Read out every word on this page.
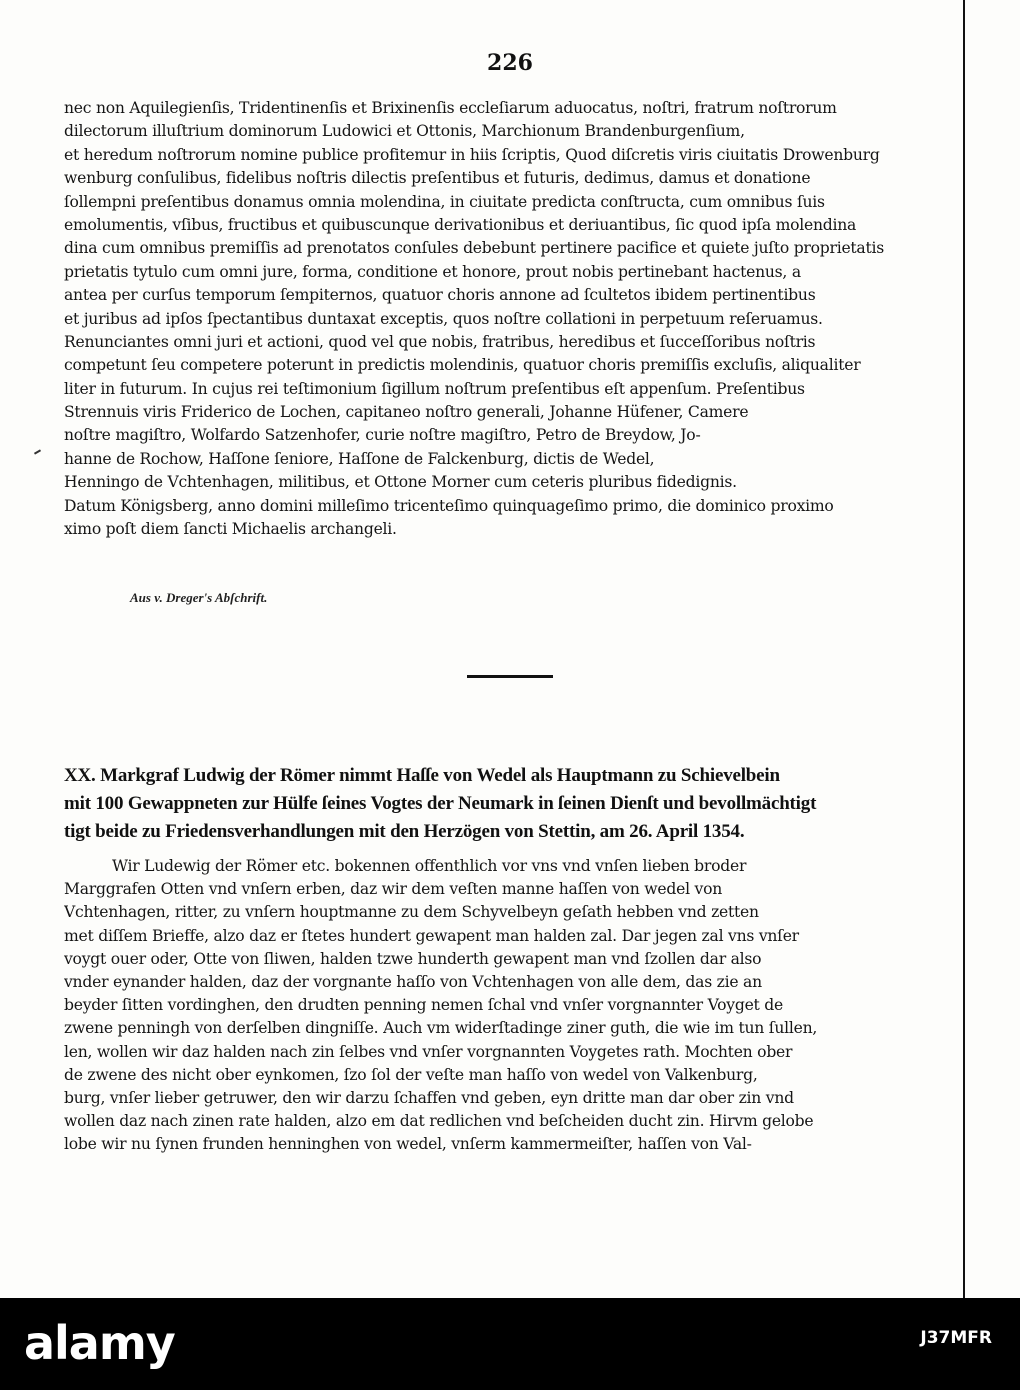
226
nec non Aquilegienſis, Tridentinenſis et Brixinenſis eccleſiarum aduocatus, noſtri, fratrum noſtrorum
dilectorum illuſtrium dominorum Ludowici et Ottonis, Marchionum Brandenburgenſium,
et heredum noſtrorum nomine publice profitemur in hiis ſcriptis, Quod diſcretis viris ciuitatis Drowenburg
wenburg conſulibus, fidelibus noſtris dilectis preſentibus et futuris, dedimus, damus et donatione
ſollempni preſentibus donamus omnia molendina, in ciuitate predicta conſtructa, cum omnibus ſuis
emolumentis, vſibus, fructibus et quibuscunque derivationibus et deriuantibus, ſic quod ipſa molendina
dina cum omnibus premiſſis ad prenotatos conſules debebunt pertinere pacifice et quiete juſto proprietatis
prietatis tytulo cum omni jure, forma, conditione et honore, prout nobis pertinebant hactenus, a
antea per curſus temporum ſempiternos, quatuor choris annone ad ſcultetos ibidem pertinentibus
et juribus ad ipſos ſpectantibus duntaxat exceptis, quos noſtre collationi in perpetuum reſeruamus.
Renunciantes omni juri et actioni, quod vel que nobis, fratribus, heredibus et ſucceſſoribus noſtris
competunt ſeu competere poterunt in predictis molendinis, quatuor choris premiſſis excluſis, aliqualiter
liter in futurum. In cujus rei teſtimonium ſigillum noſtrum preſentibus eſt appenſum. Preſentibus
Strennuis viris Friderico de Lochen, capitaneo noſtro generali, Johanne Hüfener, Camere
noſtre magiſtro, Wolfardo Satzenhofer, curie noſtre magiſtro, Petro de Breydow, Jo-
hanne de Rochow, Haſſone ſeniore, Haſſone de Falckenburg, dictis de Wedel,
Henningo de Vchtenhagen, militibus, et Ottone Morner cum ceteris pluribus fidedignis.
Datum Königsberg, anno domini milleſimo tricenteſimo quinquageſimo primo, die dominico proximo
ximo poſt diem ſancti Michaelis archangeli.
Aus v. Dreger's Abſchrift.
XX. Markgraf Ludwig der Römer nimmt Haſſe von Wedel als Hauptmann zu Schievelbein
mit 100 Gewappneten zur Hülfe ſeines Vogtes der Neumark in ſeinen Dienſt und bevollmächtigt
tigt beide zu Friedensverhandlungen mit den Herzögen von Stettin, am 26. April 1354.
Wir Ludewig der Römer etc. bokennen offenthlich vor vns vnd vnſen lieben broder
Marggrafen Otten vnd vnſern erben, daz wir dem veſten manne haſſen von wedel von
Vchtenhagen, ritter, zu vnſern houptmanne zu dem Schyvelbeyn geſath hebben vnd zetten
met diſſem Brieffe, alzo daz er ſtetes hundert gewapent man halden zal. Dar jegen zal vns vnſer
voygt ouer oder, Otte von ſliwen, halden tzwe hunderth gewapent man vnd ſzollen dar also
vnder eynander halden, daz der vorgnante haſſo von Vchtenhagen von alle dem, das zie an
beyder ſitten vordinghen, den drudten penning nemen ſchal vnd vnſer vorgnannter Voyget de
zwene penningh von derſelben dingniſſe. Auch vm widerſtadinge ziner guth, die wie im tun ſullen,
len, wollen wir daz halden nach zin ſelbes vnd vnſer vorgnannten Voygetes rath. Mochten ober
de zwene des nicht ober eynkomen, ſzo ſol der veſte man haſſo von wedel von Valkenburg,
burg, vnſer lieber getruwer, den wir darzu ſchaffen vnd geben, eyn dritte man dar ober zin vnd
wollen daz nach zinen rate halden, alzo em dat redlichen vnd beſcheiden ducht zin. Hirvm gelobe
lobe wir nu ſynen frunden henninghen von wedel, vnſerm kammermeiſter, haſſen von Val-
alamy	J37MFR
